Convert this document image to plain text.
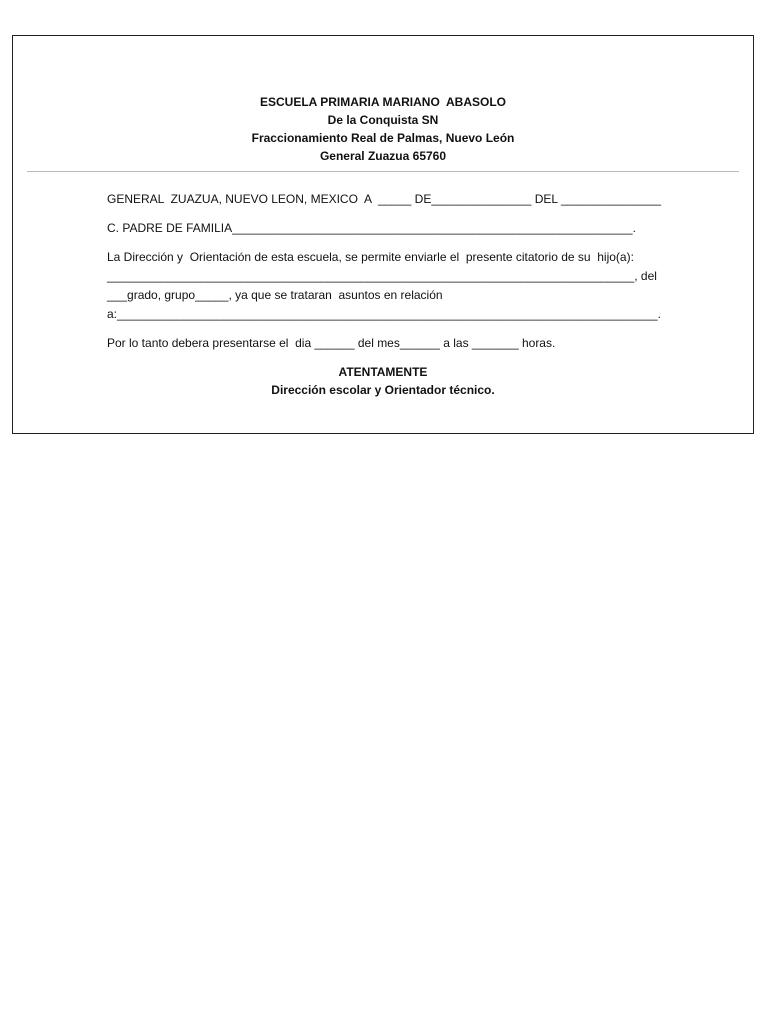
ESCUELA PRIMARIA MARIANO  ABASOLO
De la Conquista SN
Fraccionamiento Real de Palmas, Nuevo León
General Zuazua 65760
GENERAL  ZUAZUA, NUEVO LEON, MEXICO  A  _____ DE_______________ DEL _______________
C. PADRE DE FAMILIA____________________________________________________________.
La Dirección y  Orientación de esta escuela, se permite enviarle el  presente citatorio de su  hijo(a):
_______________________________________________________________________________, del
___grado, grupo_____, ya que se trataran  asuntos en relación
a:_________________________________________________________________________________.
Por lo tanto debera presentarse el  dia ______ del mes______ a las _______ horas.
ATENTAMENTE
Dirección escolar y Orientador técnico.
